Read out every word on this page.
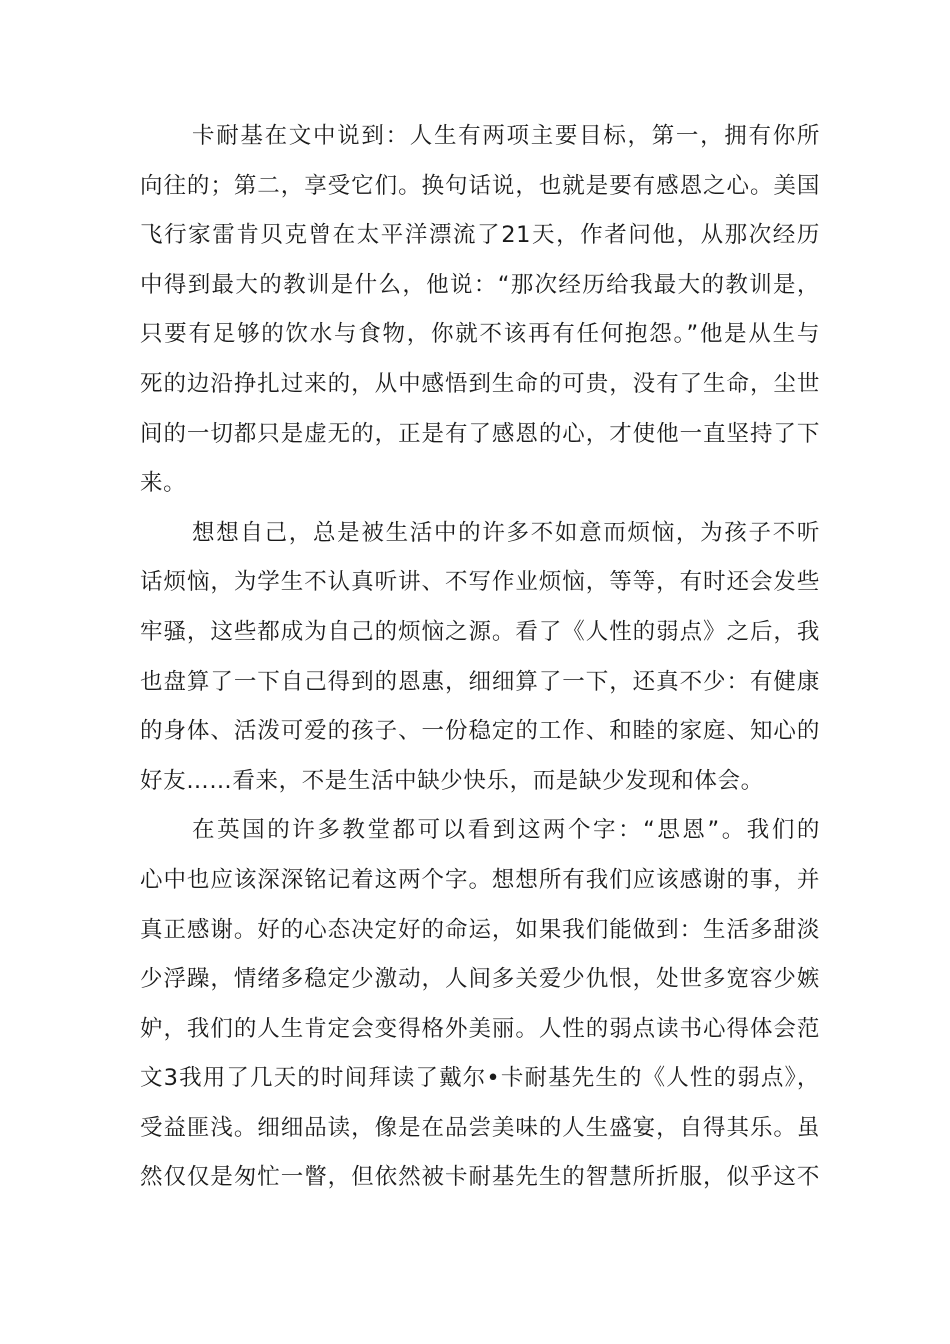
卡耐基在文中说到：人生有两项主要目标，第一，拥有你所
向往的；第二，享受它们。换句话说，也就是要有感恩之心。美国
飞行家雷肯贝克曾在太平洋漂流了21天，作者问他，从那次经历
中得到最大的教训是什么，他说：“那次经历给我最大的教训是，
只要有足够的饮水与食物，你就不该再有任何抱怨。”他是从生与
死的边沿挣扎过来的，从中感悟到生命的可贵，没有了生命，尘世
间的一切都只是虚无的，正是有了感恩的心，才使他一直坚持了下
来。

想想自己，总是被生活中的许多不如意而烦恼，为孩子不听
话烦恼，为学生不认真听讲、不写作业烦恼，等等，有时还会发些
牢骚，这些都成为自己的烦恼之源。看了《人性的弱点》之后，我
也盘算了一下自己得到的恩惠，细细算了一下，还真不少：有健康
的身体、活泼可爱的孩子、一份稳定的工作、和睦的家庭、知心的
好友……看来，不是生活中缺少快乐，而是缺少发现和体会。

在英国的许多教堂都可以看到这两个字：“思恩”。我们的
心中也应该深深铭记着这两个字。想想所有我们应该感谢的事，并
真正感谢。好的心态决定好的命运，如果我们能做到：生活多甜淡
少浮躁，情绪多稳定少激动，人间多关爱少仇恨，处世多宽容少嫉
妒，我们的人生肯定会变得格外美丽。人性的弱点读书心得体会范
文3我用了几天的时间拜读了戴尔•卡耐基先生的《人性的弱点》，
受益匪浅。细细品读，像是在品尝美味的人生盛宴，自得其乐。虽
然仅仅是匆忙一瞥，但依然被卡耐基先生的智慧所折服，似乎这不
